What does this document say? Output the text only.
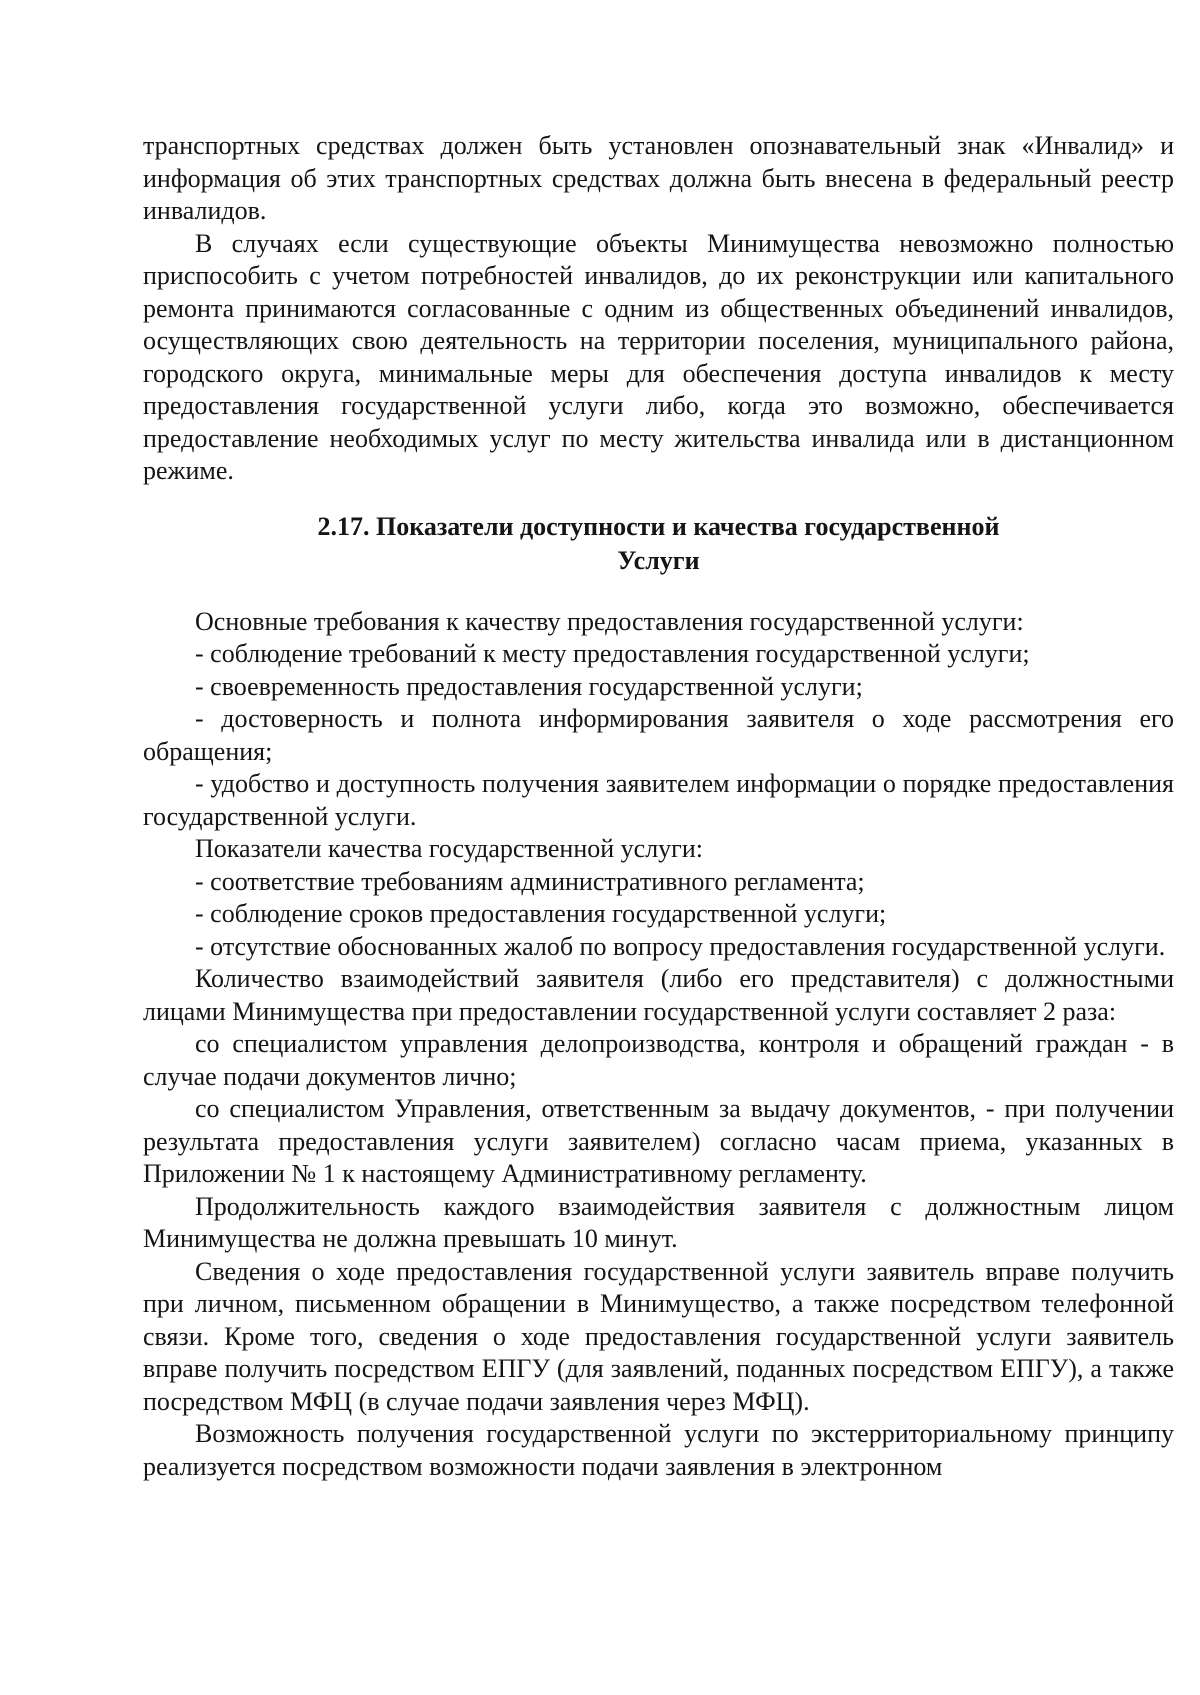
транспортных средствах должен быть установлен опознавательный знак «Инвалид» и информация об этих транспортных средствах должна быть внесена в федеральный реестр инвалидов.

В случаях если существующие объекты Минимущества невозможно полностью приспособить с учетом потребностей инвалидов, до их реконструкции или капитального ремонта принимаются согласованные с одним из общественных объединений инвалидов, осуществляющих свою деятельность на территории поселения, муниципального района, городского округа, минимальные меры для обеспечения доступа инвалидов к месту предоставления государственной услуги либо, когда это возможно, обеспечивается предоставление необходимых услуг по месту жительства инвалида или в дистанционном режиме.

2.17. Показатели доступности и качества государственной
Услуги

Основные требования к качеству предоставления государственной услуги:

- соблюдение требований к месту предоставления государственной услуги;

- своевременность предоставления государственной услуги;

- достоверность и полнота информирования заявителя о ходе рассмотрения его обращения;

- удобство и доступность получения заявителем информации о порядке предоставления государственной услуги.

Показатели качества государственной услуги:

- соответствие требованиям административного регламента;

- соблюдение сроков предоставления государственной услуги;

- отсутствие обоснованных жалоб по вопросу предоставления государственной услуги.

Количество взаимодействий заявителя (либо его представителя) с должностными лицами Минимущества при предоставлении государственной услуги составляет 2 раза:

со специалистом управления делопроизводства, контроля и обращений граждан - в случае подачи документов лично;

со специалистом Управления, ответственным за выдачу документов, - при получении результата предоставления услуги заявителем) согласно часам приема, указанных в Приложении № 1 к настоящему Административному регламенту.

Продолжительность каждого взаимодействия заявителя с должностным лицом Минимущества не должна превышать 10 минут.

Сведения о ходе предоставления государственной услуги заявитель вправе получить при личном, письменном обращении в Минимущество, а также посредством телефонной связи. Кроме того, сведения о ходе предоставления государственной услуги заявитель вправе получить посредством ЕПГУ (для заявлений, поданных посредством ЕПГУ), а также посредством МФЦ (в случае подачи заявления через МФЦ).

Возможность получения государственной услуги по экстерриториальному принципу реализуется посредством возможности подачи заявления в электронном
